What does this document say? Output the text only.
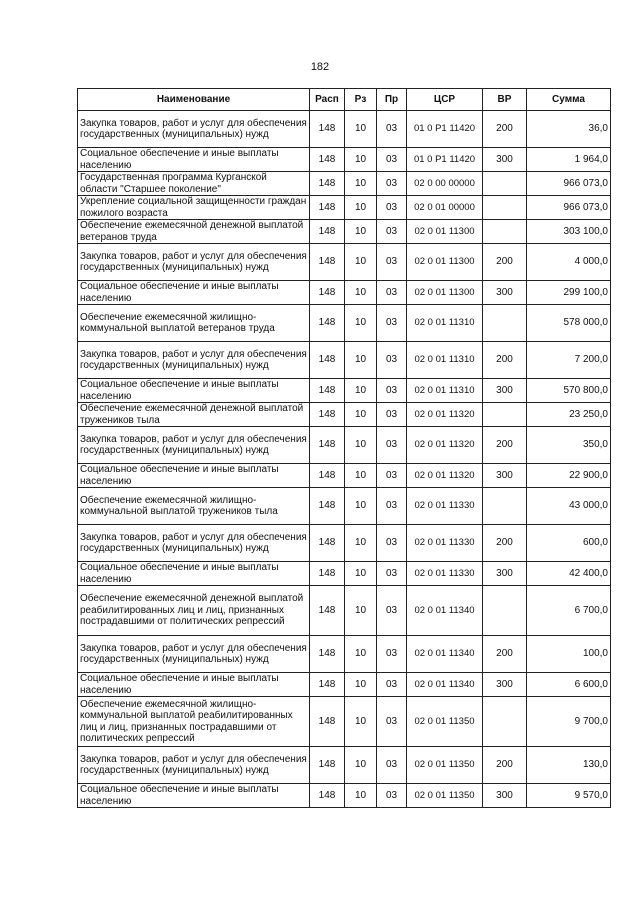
182
Наименование	Расп	Рз	Пр	ЦСР	ВР	Сумма
Закупка товаров, работ и услуг для обеспечения государственных (муниципальных) нужд	148	10	03	01 0 P1 11420	200	36,0
Социальное обеспечение и иные выплаты населению	148	10	03	01 0 P1 11420	300	1 964,0
Государственная программа Курганской области "Старшее поколение"	148	10	03	02 0 00 00000		966 073,0
Укрепление социальной защищенности граждан пожилого возраста	148	10	03	02 0 01 00000		966 073,0
Обеспечение ежемесячной денежной выплатой ветеранов труда	148	10	03	02 0 01 11300		303 100,0
Закупка товаров, работ и услуг для обеспечения государственных (муниципальных) нужд	148	10	03	02 0 01 11300	200	4 000,0
Социальное обеспечение и иные выплаты населению	148	10	03	02 0 01 11300	300	299 100,0
Обеспечение ежемесячной жилищно-коммунальной выплатой ветеранов труда	148	10	03	02 0 01 11310		578 000,0
Закупка товаров, работ и услуг для обеспечения государственных (муниципальных) нужд	148	10	03	02 0 01 11310	200	7 200,0
Социальное обеспечение и иные выплаты населению	148	10	03	02 0 01 11310	300	570 800,0
Обеспечение ежемесячной денежной выплатой тружеников тыла	148	10	03	02 0 01 11320		23 250,0
Закупка товаров, работ и услуг для обеспечения государственных (муниципальных) нужд	148	10	03	02 0 01 11320	200	350,0
Социальное обеспечение и иные выплаты населению	148	10	03	02 0 01 11320	300	22 900,0
Обеспечение ежемесячной жилищно-коммунальной выплатой тружеников тыла	148	10	03	02 0 01 11330		43 000,0
Закупка товаров, работ и услуг для обеспечения государственных (муниципальных) нужд	148	10	03	02 0 01 11330	200	600,0
Социальное обеспечение и иные выплаты населению	148	10	03	02 0 01 11330	300	42 400,0
Обеспечение ежемесячной денежной выплатой реабилитированных лиц и лиц, признанных пострадавшими от политических репрессий	148	10	03	02 0 01 11340		6 700,0
Закупка товаров, работ и услуг для обеспечения государственных (муниципальных) нужд	148	10	03	02 0 01 11340	200	100,0
Социальное обеспечение и иные выплаты населению	148	10	03	02 0 01 11340	300	6 600,0
Обеспечение ежемесячной жилищно-коммунальной выплатой реабилитированных лиц и лиц, признанных пострадавшими от политических репрессий	148	10	03	02 0 01 11350		9 700,0
Закупка товаров, работ и услуг для обеспечения государственных (муниципальных) нужд	148	10	03	02 0 01 11350	200	130,0
Социальное обеспечение и иные выплаты населению	148	10	03	02 0 01 11350	300	9 570,0
